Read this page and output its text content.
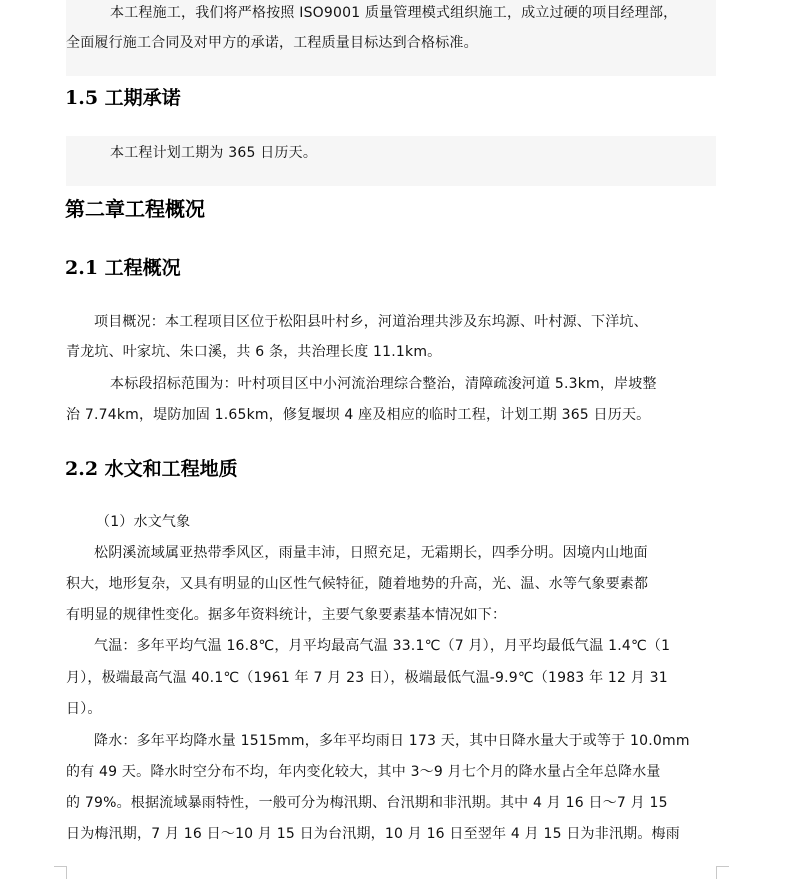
本工程施工，我们将严格按照 ISO9001 质量管理模式组织施工，成立过硬的项目经理部，
全面履行施工合同及对甲方的承诺，工程质量目标达到合格标准。
1.5 工期承诺
本工程计划工期为 365 日历天。
第二章工程概况
2.1 工程概况
项目概况：本工程项目区位于松阳县叶村乡，河道治理共涉及东坞源、叶村源、下洋坑、
青龙坑、叶家坑、朱口溪，共 6 条，共治理长度 11.1km。
本标段招标范围为：叶村项目区中小河流治理综合整治，清障疏浚河道 5.3km，岸坡整
治 7.74km，堤防加固 1.65km，修复堰坝 4 座及相应的临时工程，计划工期 365 日历天。
2.2 水文和工程地质
（1）水文气象
松阴溪流域属亚热带季风区，雨量丰沛，日照充足，无霜期长，四季分明。因境内山地面
积大，地形复杂，又具有明显的山区性气候特征，随着地势的升高，光、温、水等气象要素都
有明显的规律性变化。据多年资料统计，主要气象要素基本情况如下：
气温：多年平均气温 16.8℃，月平均最高气温 33.1℃（7 月），月平均最低气温 1.4℃（1
月），极端最高气温 40.1℃（1961 年 7 月 23 日），极端最低气温-9.9℃（1983 年 12 月 31
日）。
降水：多年平均降水量 1515mm，多年平均雨日 173 天，其中日降水量大于或等于 10.0mm
的有 49 天。降水时空分布不均，年内变化较大，其中 3～9 月七个月的降水量占全年总降水量
的 79%。根据流域暴雨特性，一般可分为梅汛期、台汛期和非汛期。其中 4 月 16 日～7 月 15
日为梅汛期，7 月 16 日～10 月 15 日为台汛期，10 月 16 日至翌年 4 月 15 日为非汛期。梅雨
